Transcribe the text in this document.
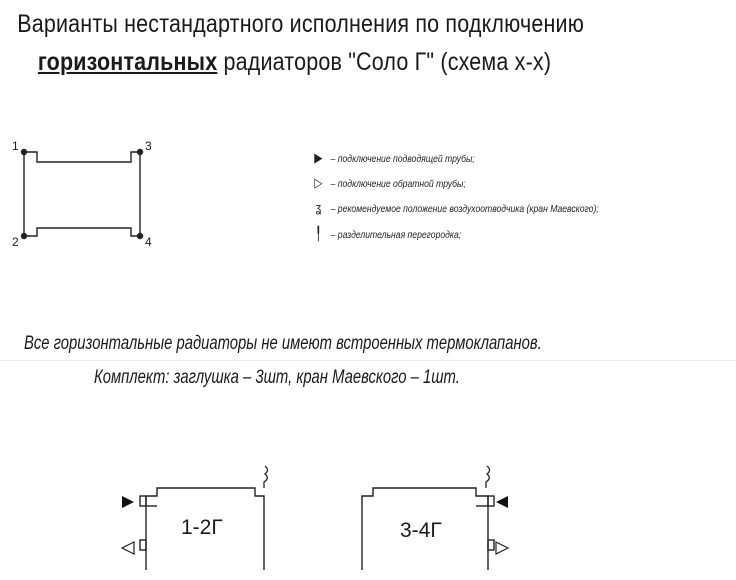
Варианты нестандартного исполнения по подключению
горизонтальных радиаторов "Соло Г" (схема х-х)
1
2
3
4
1-2Г	3-4Г
▶ – подключение подводящей трубы;
▷ – подключение обратной трубы;
ʓ – рекомендуемое положение воздухоотводчика (кран Маевского);
╿ – разделительная перегородка;
Все горизонтальные радиаторы не имеют встроенных термоклапанов.
Комплект: заглушка – 3шт, кран Маевского – 1шт.
